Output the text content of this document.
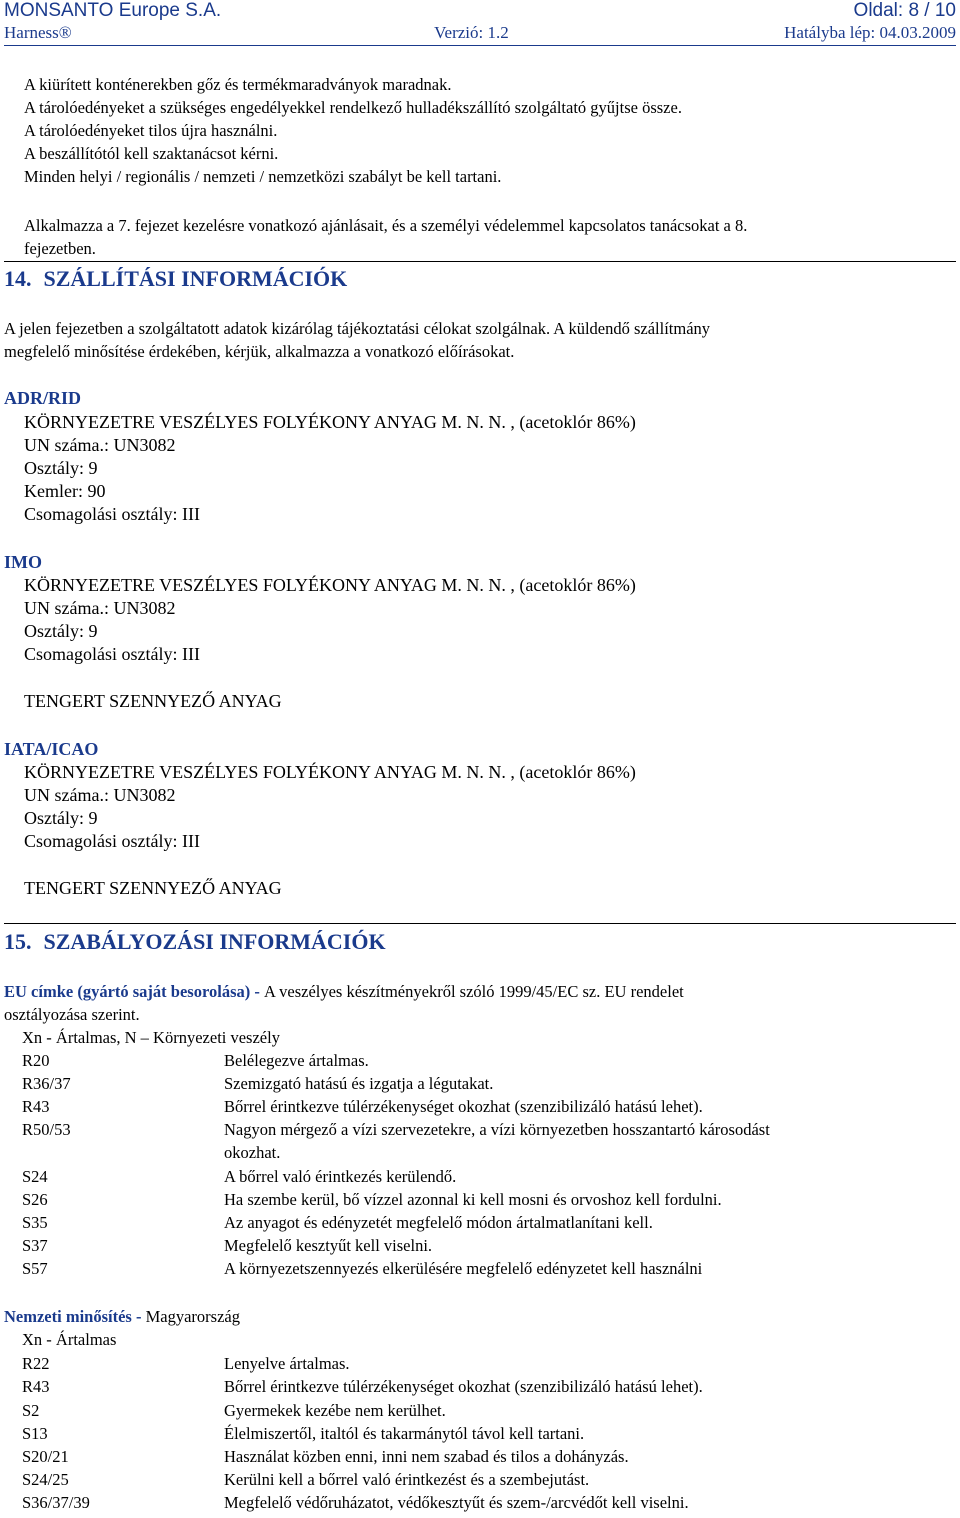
MONSANTO Europe S.A.	Oldal: 8 / 10
Harness®	Verzió: 1.2	Hatályba lép: 04.03.2009
A kiürített konténerekben gőz és termékmaradványok maradnak.
A tárolóedényeket a szükséges engedélyekkel rendelkező hulladékszállító szolgáltató gyűjtse össze.
A tárolóedényeket tilos újra használni.
A beszállítótól kell szaktanácsot kérni.
Minden helyi / regionális / nemzeti / nemzetközi szabályt be kell tartani.
Alkalmazza a 7. fejezet kezelésre vonatkozó ajánlásait, és a személyi védelemmel kapcsolatos tanácsokat a 8.
fejezetben.
14. SZÁLLÍTÁSI INFORMÁCIÓK
A jelen fejezetben a szolgáltatott adatok kizárólag tájékoztatási célokat szolgálnak. A küldendő szállítmány
megfelelő minősítése érdekében, kérjük, alkalmazza a vonatkozó előírásokat.
ADR/RID
KÖRNYEZETRE VESZÉLYES FOLYÉKONY ANYAG M. N. N. , (acetoklór 86%)
UN száma.: UN3082
Osztály: 9
Kemler: 90
Csomagolási osztály: III
IMO
KÖRNYEZETRE VESZÉLYES FOLYÉKONY ANYAG M. N. N. , (acetoklór 86%)
UN száma.: UN3082
Osztály: 9
Csomagolási osztály: III
TENGERT SZENNYEZŐ ANYAG
IATA/ICAO
KÖRNYEZETRE VESZÉLYES FOLYÉKONY ANYAG M. N. N. , (acetoklór 86%)
UN száma.: UN3082
Osztály: 9
Csomagolási osztály: III
TENGERT SZENNYEZŐ ANYAG
15. SZABÁLYOZÁSI INFORMÁCIÓK
EU címke (gyártó saját besorolása) - A veszélyes készítményekről szóló 1999/45/EC sz. EU rendelet
osztályozása szerint.
Xn - Ártalmas, N – Környezeti veszély
R20	Belélegezve ártalmas.
R36/37	Szemizgató hatású és izgatja a légutakat.
R43	Bőrrel érintkezve túlérzékenységet okozhat (szenzibilizáló hatású lehet).
R50/53	Nagyon mérgező a vízi szervezetekre, a vízi környezetben hosszantartó károsodást
okozhat.
S24	A bőrrel való érintkezés kerülendő.
S26	Ha szembe kerül, bő vízzel azonnal ki kell mosni és orvoshoz kell fordulni.
S35	Az anyagot és edényzetét megfelelő módon ártalmatlanítani kell.
S37	Megfelelő kesztyűt kell viselni.
S57	A környezetszennyezés elkerülésére megfelelő edényzetet kell használni
Nemzeti minősítés - Magyarország
Xn - Ártalmas
R22	Lenyelve ártalmas.
R43	Bőrrel érintkezve túlérzékenységet okozhat (szenzibilizáló hatású lehet).
S2	Gyermekek kezébe nem kerülhet.
S13	Élelmiszertől, italtól és takarmánytól távol kell tartani.
S20/21	Használat közben enni, inni nem szabad és tilos a dohányzás.
S24/25	Kerülni kell a bőrrel való érintkezést és a szembejutást.
S36/37/39	Megfelelő védőruházatot, védőkesztyűt és szem-/arcvédőt kell viselni.
